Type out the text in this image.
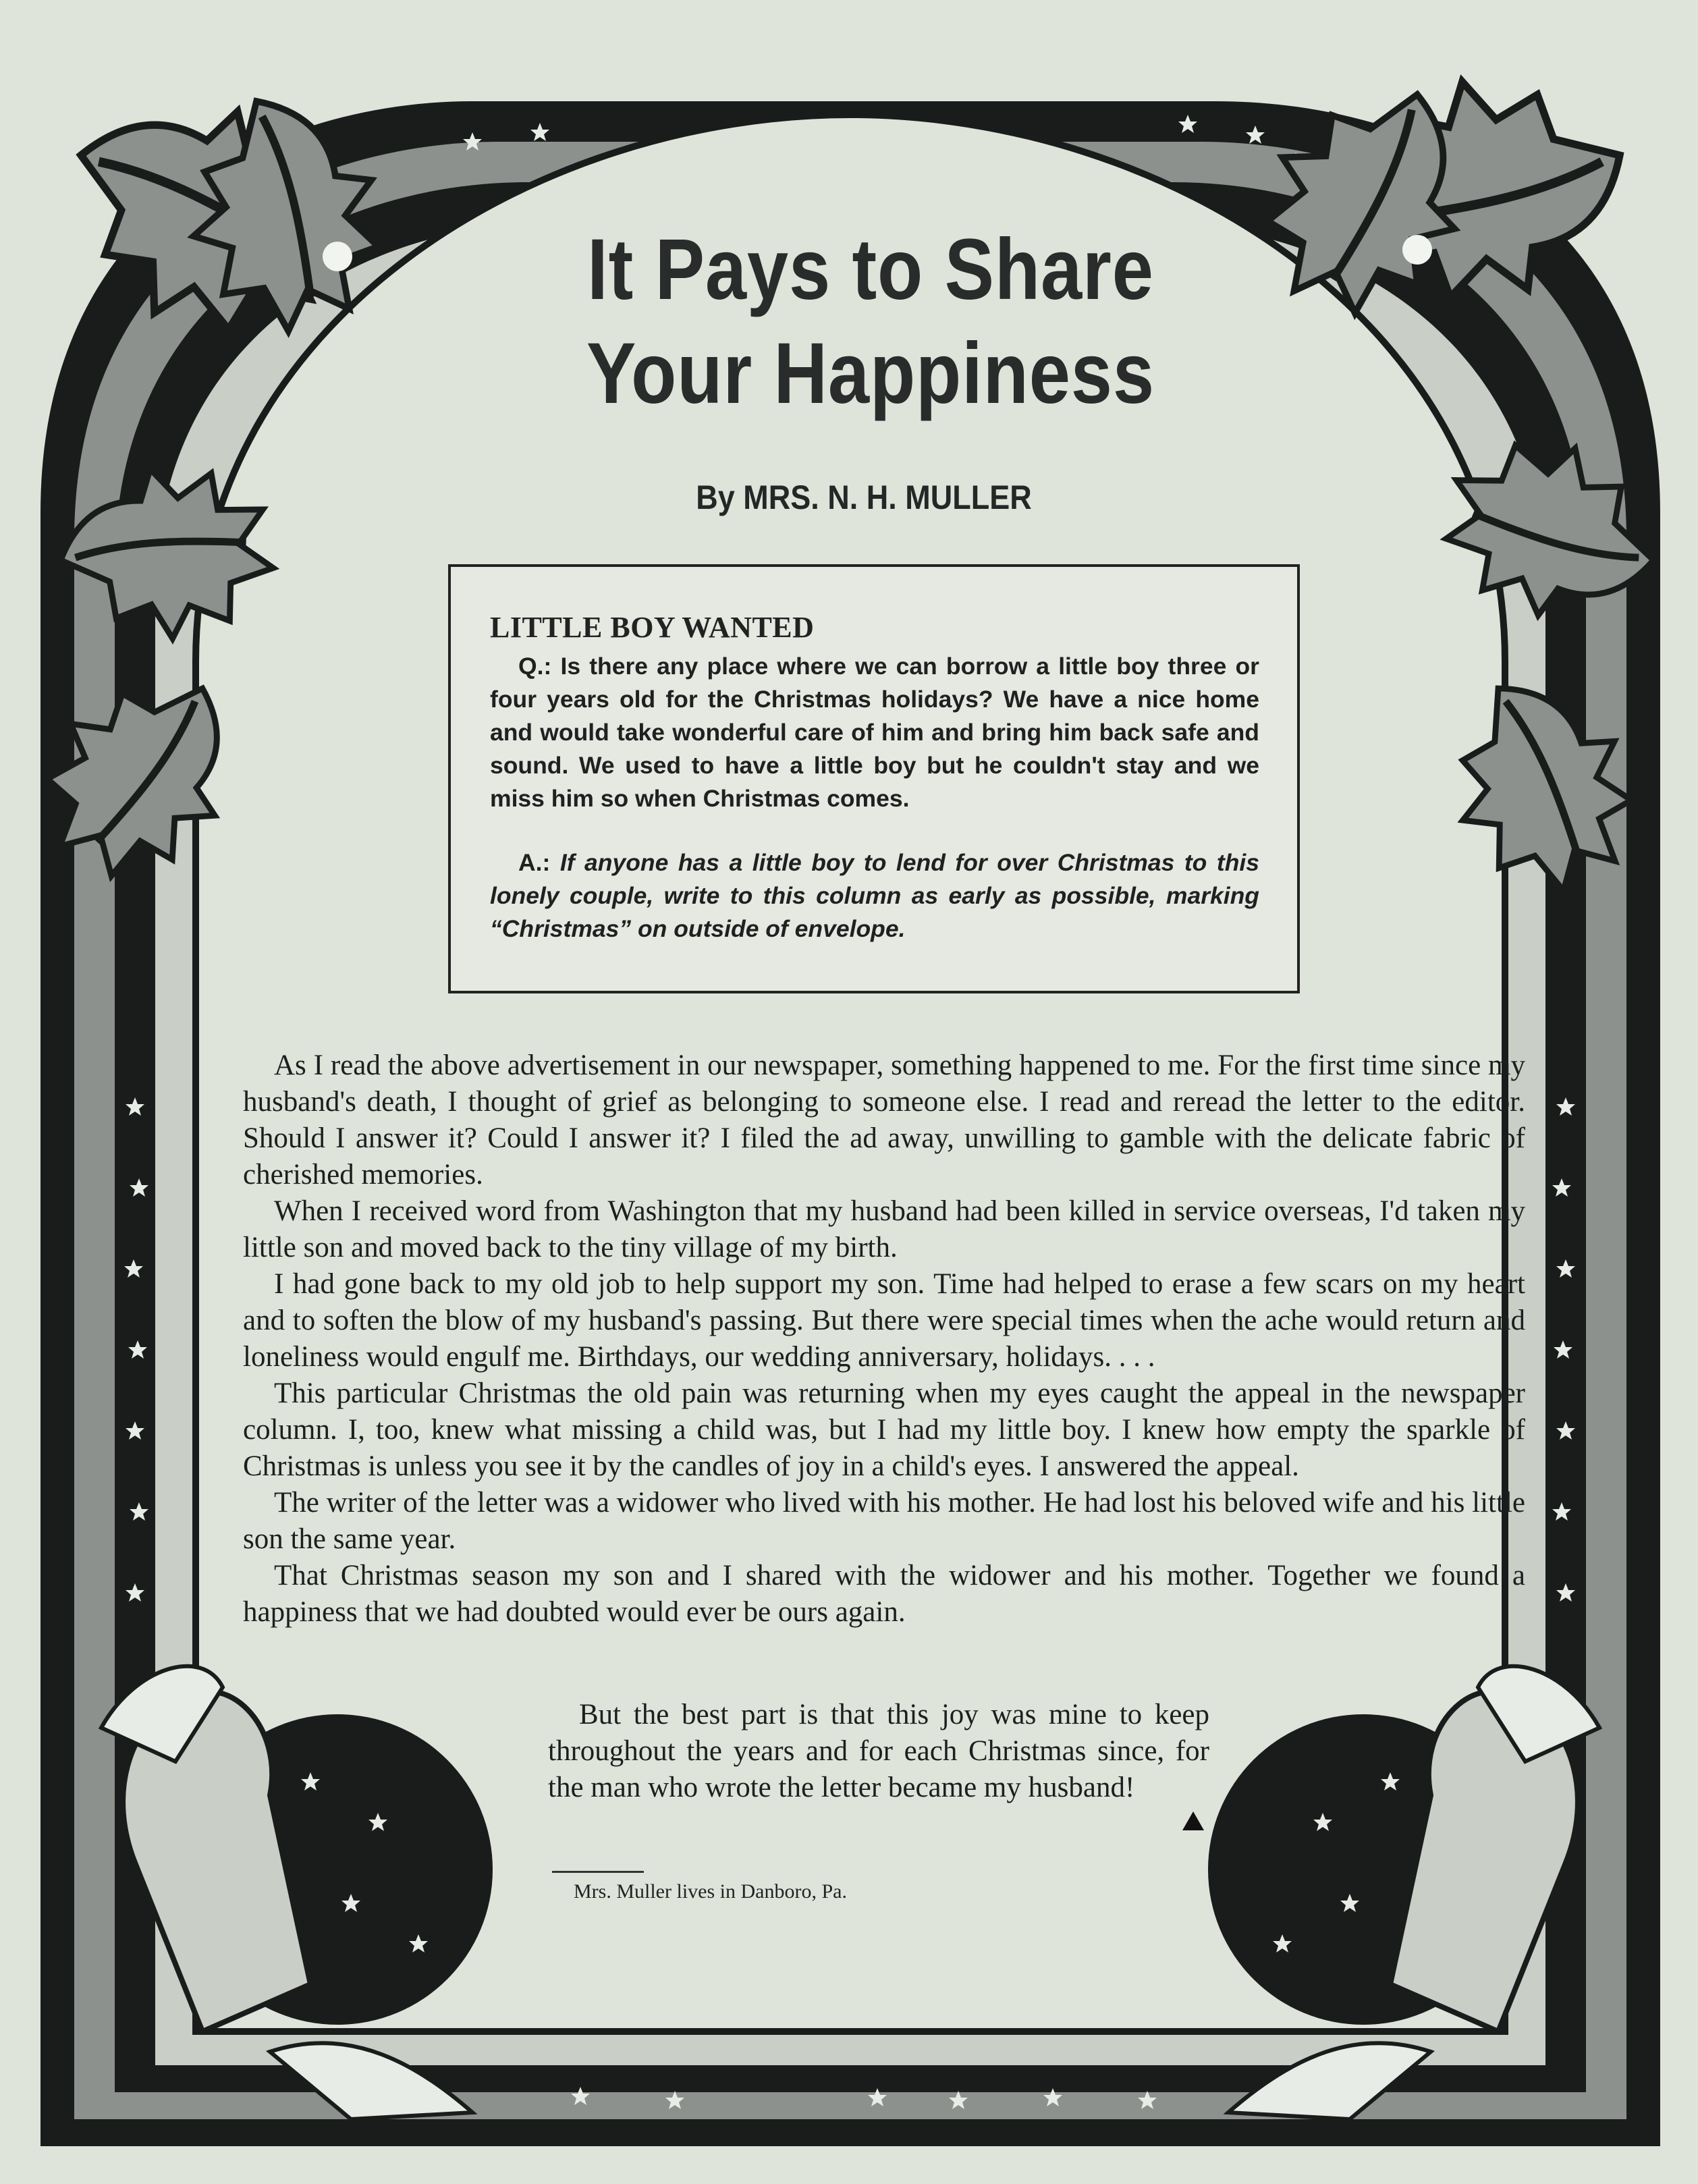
It Pays to Share
Your Happiness
By MRS. N. H. MULLER
LITTLE BOY WANTED

Q.: Is there any place where we can borrow a little boy three or four years old for the Christmas holidays? We have a nice home and would take wonderful care of him and bring him back safe and sound. We used to have a little boy but he couldn't stay and we miss him so when Christmas comes.

A.: If anyone has a little boy to lend for over Christmas to this lonely couple, write to this column as early as possible, marking “Christmas” on outside of envelope.

As I read the above advertisement in our newspaper, something happened to me. For the first time since my husband's death, I thought of grief as belonging to someone else. I read and reread the letter to the editor. Should I answer it? Could I answer it? I filed the ad away, unwilling to gamble with the delicate fabric of cherished memories.

When I received word from Washington that my husband had been killed in service overseas, I'd taken my little son and moved back to the tiny village of my birth.

I had gone back to my old job to help support my son. Time had helped to erase a few scars on my heart and to soften the blow of my husband's passing. But there were special times when the ache would return and loneliness would engulf me. Birthdays, our wedding anniversary, holidays. . . .

This particular Christmas the old pain was returning when my eyes caught the appeal in the newspaper column. I, too, knew what missing a child was, but I had my little boy. I knew how empty the sparkle of Christmas is unless you see it by the candles of joy in a child's eyes. I answered the appeal.

The writer of the letter was a widower who lived with his mother. He had lost his beloved wife and his little son the same year.

That Christmas season my son and I shared with the widower and his mother. Together we found a happiness that we had doubted would ever be ours again.

But the best part is that this joy was mine to keep throughout the years and for each Christmas since, for the man who wrote the letter became my husband!

Mrs. Muller lives in Danboro, Pa.
